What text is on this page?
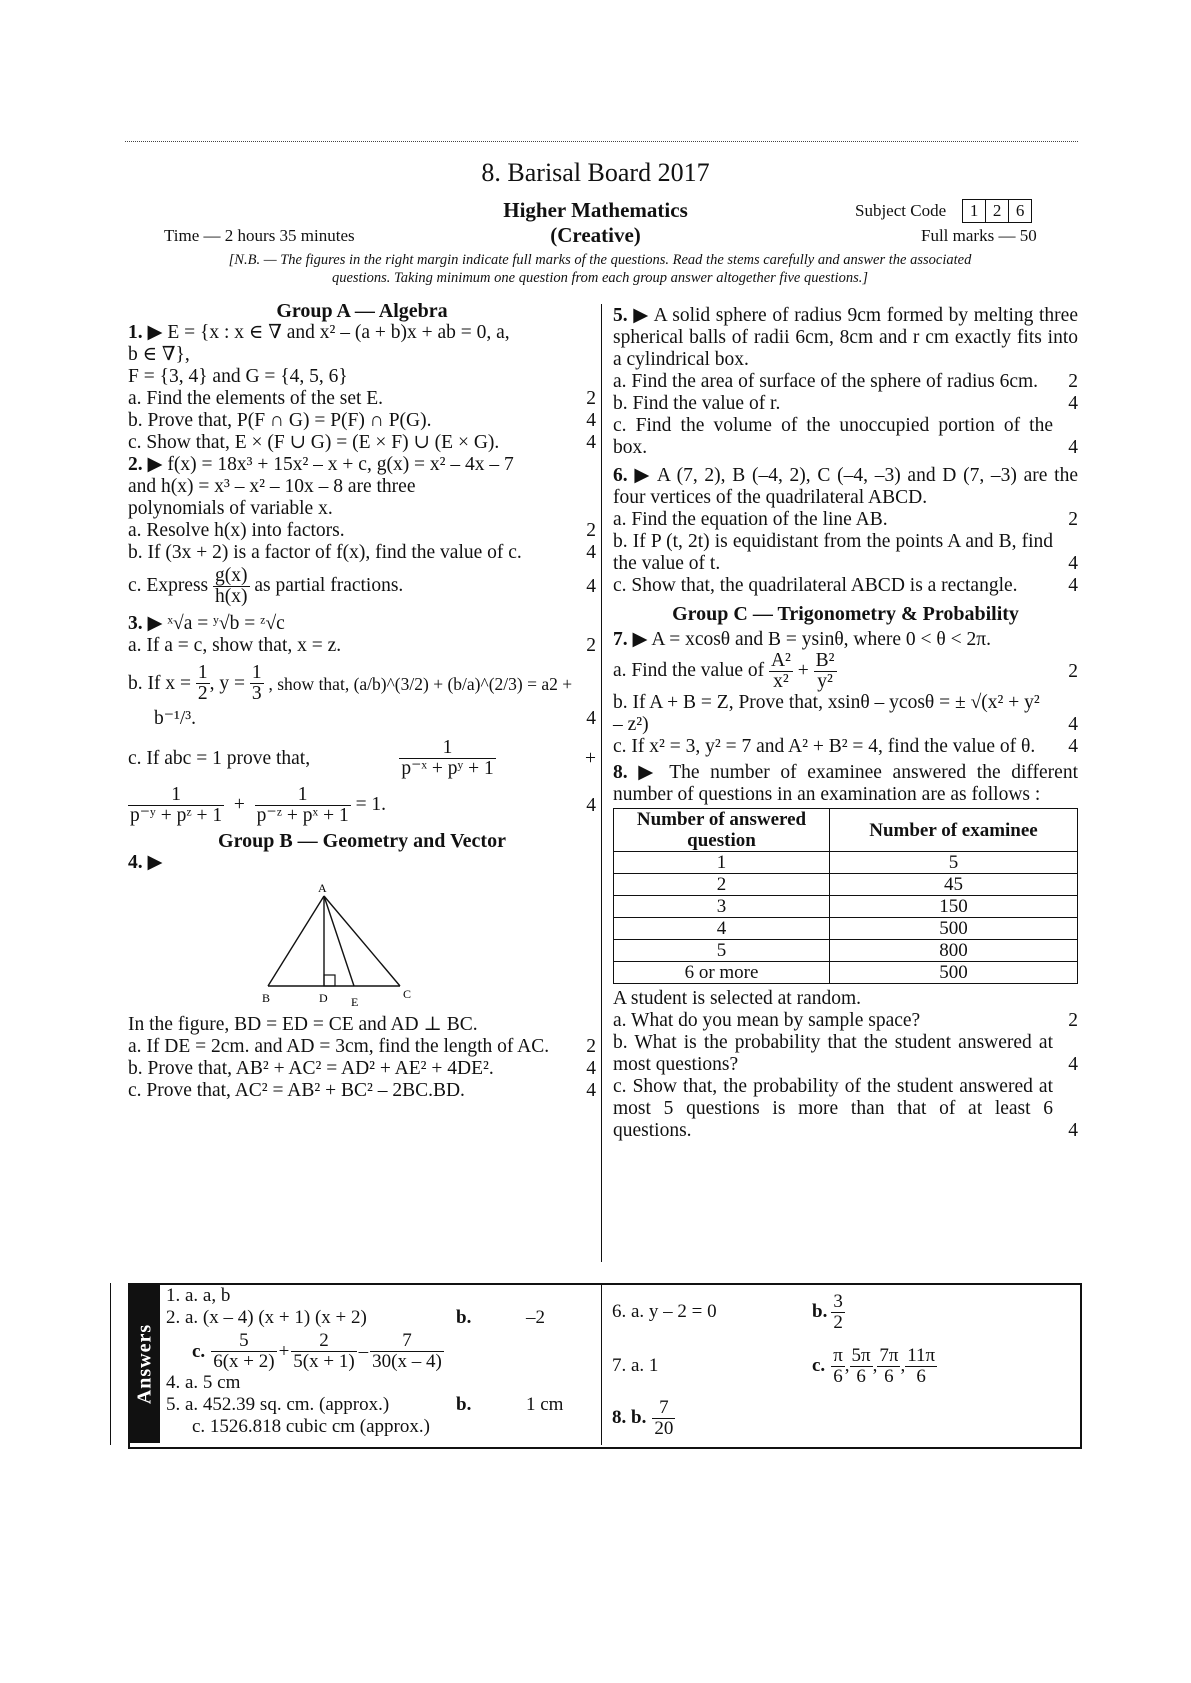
8. Barisal Board 2017
Higher Mathematics
(Creative)
Time — 2 hours 35 minutes	Full marks — 50
Subject Code	1 2 6
[N.B. — The figures in the right margin indicate full marks of the questions. Read the stems carefully and answer the associated
questions. Taking minimum one question from each group answer altogether five questions.]
Group A — Algebra
1. ▶ E = {x : x ∈ ∇ and x² – (a + b)x + ab = 0, a,
b ∈ ∇},
F = {3, 4} and G = {4, 5, 6}
a. Find the elements of the set E.	2
b. Prove that, P(F ∩ G) = P(F) ∩ P(G).	4
c. Show that, E × (F ∪ G) = (E × F) ∪ (E × G).	4
2. ▶ f(x) = 18x³ + 15x² – x + c, g(x) = x² – 4x – 7
and h(x) = x³ – x² – 10x – 8 are three
polynomials of variable x.
a. Resolve h(x) into factors.	2
b. If (3x + 2) is a factor of f(x), find the value of c.	4
c. Express $\frac{g(x)}{h(x)}$ as partial fractions.	4
3. ▶ ˣ√a = ʸ√b = ᶻ√c
a. If a = c, show that, x = z.	2
b. If x =
$\frac{1}{2}$ , y =
$\frac{1}{3}$
, show that, (a/b)^(3/2) + (b/a)^(2/3) = a2 +
b⁻¹/³.	4
c. If abc = 1 prove that,	$\frac{1}{\text{p⁻ˣ + pʸ + 1}}$	+
$\frac{1}{\text{p⁻ʸ + pᶻ + 1}} + \frac{1}{\text{p⁻ᶻ + pˣ + 1}} = 1$.	4
Group B — Geometry and Vector
4. ▶
A
B	D E
C
In the figure, BD = ED = CE and AD ⊥ BC.
a. If DE = 2cm. and AD = 3cm, find the length of AC.	2
b. Prove that, AB² + AC² = AD² + AE² + 4DE².	4
c. Prove that, AC² = AB² + BC² – 2BC.BD.	4
5. ▶ A solid sphere of radius 9cm formed by melting three spherical balls of radii 6cm, 8cm and r cm exactly fits into a cylindrical box.
a. Find the area of surface of the sphere of radius 6cm.	2
b. Find the value of r.	4
c. Find the volume of the unoccupied portion of the box.	4
6. ▶ A (7, 2), B (–4, 2), C (–4, –3) and D (7, –3) are the four vertices of the quadrilateral ABCD.
a. Find the equation of the line AB.	2
b. If P (t, 2t) is equidistant from the points A and B, find the value of t.	4
c. Show that, the quadrilateral ABCD is a rectangle.	4
Group C — Trigonometry & Probability
7. ▶ A = xcosθ and B = ysinθ, where 0 < θ < 2π.
a. Find the value of $\frac{\text{A²}}{\text{x²}} + \frac{\text{B²}}{\text{y²}}$	2
b. If A + B = Z, Prove that, xsinθ – ycosθ = ± √(x² + y² – z²)	4
c. If x² = 3, y² = 7 and A² + B² = 4, find the value of θ.	4
8. ▶ The number of examinee answered the different number of questions in an examination are as follows :
Number of answered question	Number of examinee
1	5
2	45
3	150
4	500
5	800
6 or more	500
A student is selected at random.
a. What do you mean by sample space?	2
b. What is the probability that the student answered at most questions?	4
c. Show that, the probability of the student answered at most 5 questions is more than that of at least 6 questions.	4
Answers
1. a. a, b
2. a. (x – 4) (x + 1) (x + 2)	b.	–2
c. $\frac{5}{6(x + 2)} + \frac{2}{5(x + 1)} - \frac{7}{30(x - 4)}$
4. a. 5 cm
5. a. 452.39 sq. cm. (approx.)	b.	1 cm
c. 1526.818 cubic cm (approx.)
6. a. y – 2 = 0	b. $\frac{3}{2}$
7. a. 1	c. $\frac{\pi}{6}$ , $\frac{5\pi}{6}$ , $\frac{7\pi}{6}$ , $\frac{11\pi}{6}$
8. b. $\frac{7}{20}$
